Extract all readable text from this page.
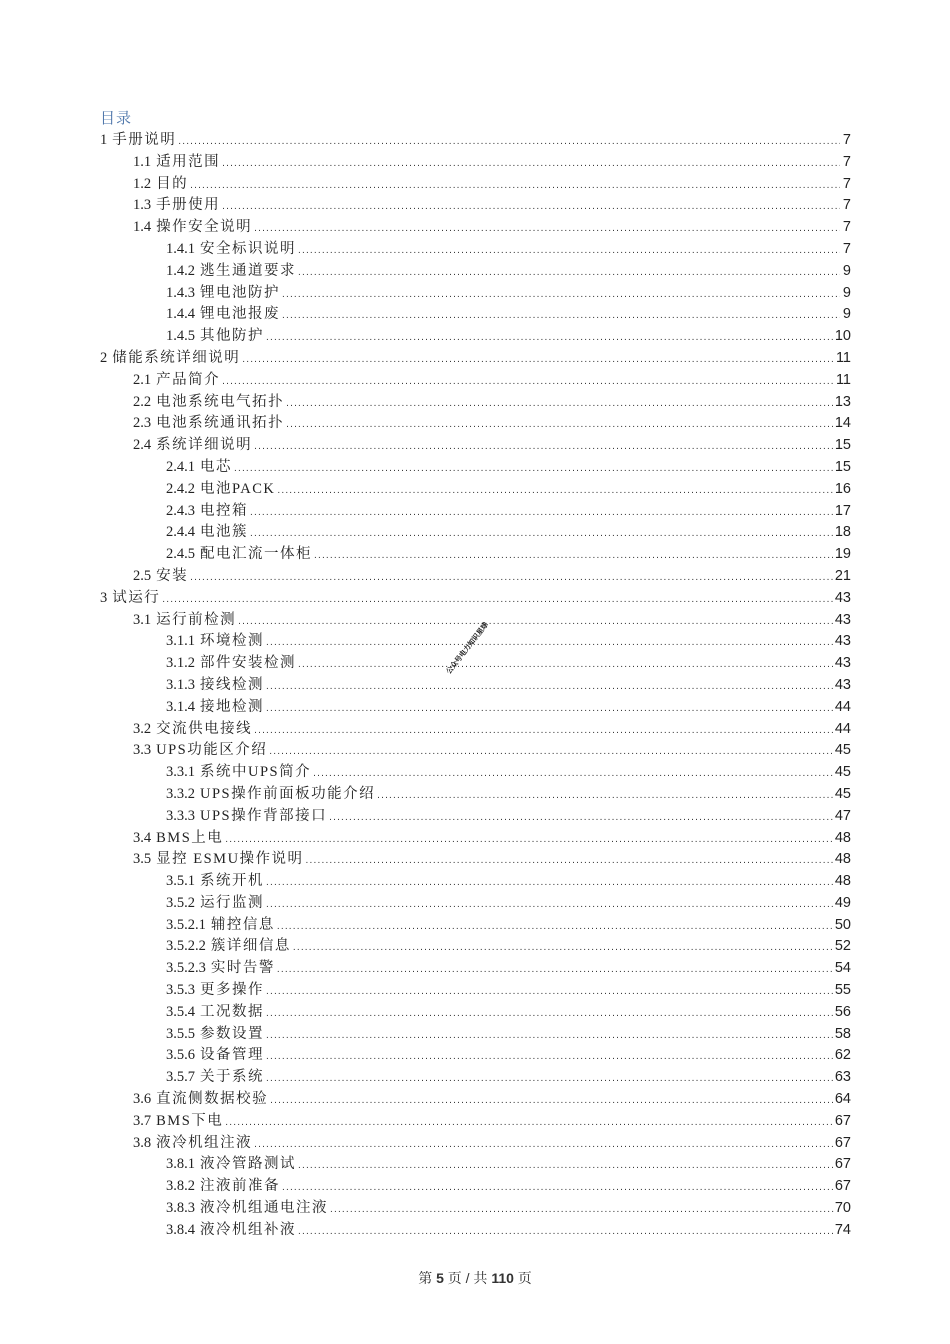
目录
1 手册说明 .....	7
1.1 适用范围 .....	7
1.2 目的 .....	7
1.3 手册使用 .....	7
1.4 操作安全说明 .....	7
1.4.1 安全标识说明 .....	7
1.4.2 逃生通道要求 .....	9
1.4.3 锂电池防护 .....	9
1.4.4 锂电池报废 .....	9
1.4.5 其他防护 .....	10
2 储能系统详细说明 .....	11
2.1 产品简介 .....	11
2.2 电池系统电气拓扑 .....	13
2.3 电池系统通讯拓扑 .....	14
2.4 系统详细说明 .....	15
2.4.1 电芯 .....	15
2.4.2 电池PACK .....	16
2.4.3 电控箱 .....	17
2.4.4 电池簇 .....	18
2.4.5 配电汇流一体柜 .....	19
2.5 安装 .....	21
3 试运行 .....	43
3.1 运行前检测 .....	43
3.1.1 环境检测 .....	43
3.1.2 部件安装检测 .....	43
3.1.3 接线检测 .....	43
3.1.4 接地检测 .....	44
3.2 交流供电接线 .....	44
3.3 UPS功能区介绍 .....	45
3.3.1 系统中UPS简介 .....	45
3.3.2 UPS操作前面板功能介绍 .....	45
3.3.3 UPS操作背部接口 .....	47
3.4 BMS上电 .....	48
3.5 显控 ESMU操作说明 .....	48
3.5.1 系统开机 .....	48
3.5.2 运行监测 .....	49
3.5.2.1 辅控信息 .....	50
3.5.2.2 簇详细信息 .....	52
3.5.2.3 实时告警 .....	54
3.5.3 更多操作 .....	55
3.5.4 工况数据 .....	56
3.5.5 参数设置 .....	58
3.5.6 设备管理 .....	62
3.5.7 关于系统 .....	63
3.6 直流侧数据校验 .....	64
3.7 BMS下电 .....	67
3.8 液冷机组注液 .....	67
3.8.1 液冷管路测试 .....	67
3.8.2 注液前准备 .....	67
3.8.3 液冷机组通电注液 .....	70
3.8.4 液冷机组补液 .....	74
公众号电力知识星球
第 5 页 / 共 110 页
